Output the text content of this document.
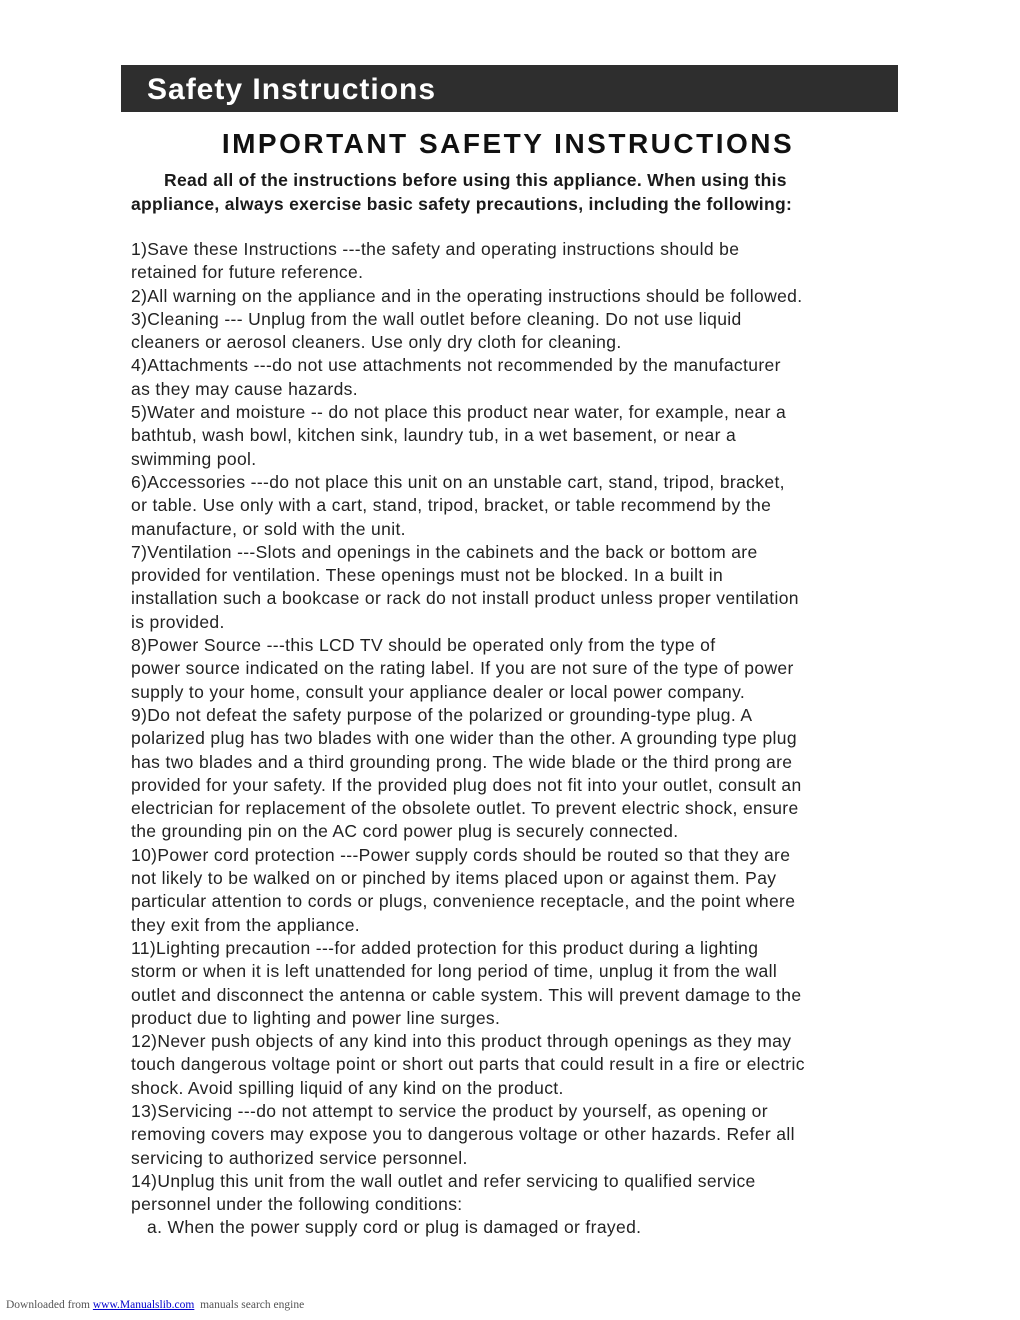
Safety Instructions
IMPORTANT SAFETY INSTRUCTIONS
Read all of the instructions before using this appliance. When using this
appliance, always exercise basic safety precautions, including the following:
1)Save these Instructions ---the safety and operating instructions should be
retained for future reference.
2)All warning on the appliance and in the operating instructions should be followed.
3)Cleaning --- Unplug from the wall outlet before cleaning. Do not use liquid
cleaners or aerosol cleaners. Use only dry cloth for cleaning.
4)Attachments ---do not use attachments not recommended by the manufacturer
as they may cause hazards.
5)Water and moisture -- do not place this product near water, for example, near a
bathtub, wash bowl, kitchen sink, laundry tub, in a wet basement, or near a
swimming pool.
6)Accessories ---do not place this unit on an unstable cart, stand, tripod, bracket,
or table. Use only with a cart, stand, tripod, bracket, or table recommend by the
manufacture, or sold with the unit.
7)Ventilation ---Slots and openings in the cabinets and the back or bottom are
provided for ventilation. These openings must not be blocked. In a built in
installation such a bookcase or rack do not install product unless proper ventilation
is provided.
8)Power Source ---this LCD TV should be operated only from the type of
power source indicated on the rating label. If you are not sure of the type of power
supply to your home, consult your appliance dealer or local power company.
9)Do not defeat the safety purpose of the polarized or grounding-type plug. A
polarized plug has two blades with one wider than the other. A grounding type plug
has two blades and a third grounding prong. The wide blade or the third prong are
provided for your safety. If the provided plug does not fit into your outlet, consult an
electrician for replacement of the obsolete outlet. To prevent electric shock, ensure
the grounding pin on the AC cord power plug is securely connected.
10)Power cord protection ---Power supply cords should be routed so that they are
not likely to be walked on or pinched by items placed upon or against them. Pay
particular attention to cords or plugs, convenience receptacle, and the point where
they exit from the appliance.
11)Lighting precaution ---for added protection for this product during a lighting
storm or when it is left unattended for long period of time, unplug it from the wall
outlet and disconnect the antenna or cable system. This will prevent damage to the
product due to lighting and power line surges.
12)Never push objects of any kind into this product through openings as they may
touch dangerous voltage point or short out parts that could result in a fire or electric
shock. Avoid spilling liquid of any kind on the product.
13)Servicing ---do not attempt to service the product by yourself, as opening or
removing covers may expose you to dangerous voltage or other hazards. Refer all
servicing to authorized service personnel.
14)Unplug this unit from the wall outlet and refer servicing to qualified service
personnel under the following conditions:
a. When the power supply cord or plug is damaged or frayed.
Downloaded from www.Manualslib.com  manuals search engine
